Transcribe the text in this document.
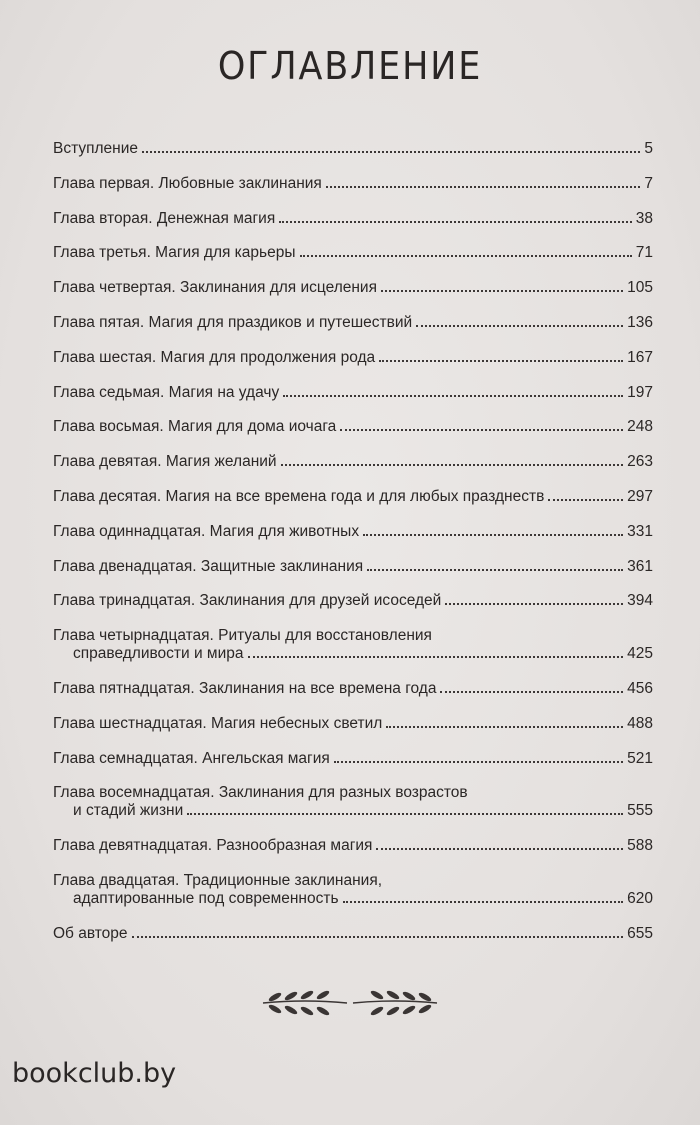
ОГЛАВЛЕНИЕ
Вступление	5
Глава первая. Любовные заклинания	7
Глава вторая. Денежная магия	38
Глава третья. Магия для карьеры	71
Глава четвертая. Заклинания для исцеления	105
Глава пятая. Магия для праздиков и путешествий	136
Глава шестая. Магия для продолжения рода	167
Глава седьмая. Магия на удачу	197
Глава восьмая. Магия для дома иочага	248
Глава девятая. Магия желаний	263
Глава десятая. Магия на все времена года и для любых празднеств	297
Глава одиннадцатая. Магия для животных	331
Глава двенадцатая. Защитные заклинания	361
Глава тринадцатая. Заклинания для друзей исоседей	394
Глава четырнадцатая. Ритуалы для восстановления
справедливости и мира	425
Глава пятнадцатая. Заклинания на все времена года	456
Глава шестнадцатая. Магия небесных светил	488
Глава семнадцатая. Ангельская магия	521
Глава восемнадцатая. Заклинания для разных возрастов
и стадий жизни	555
Глава девятнадцатая. Разнообразная магия	588
Глава двадцатая. Традиционные заклинания,
адаптированные под современность	620
Об авторе	655
bookclub.by
